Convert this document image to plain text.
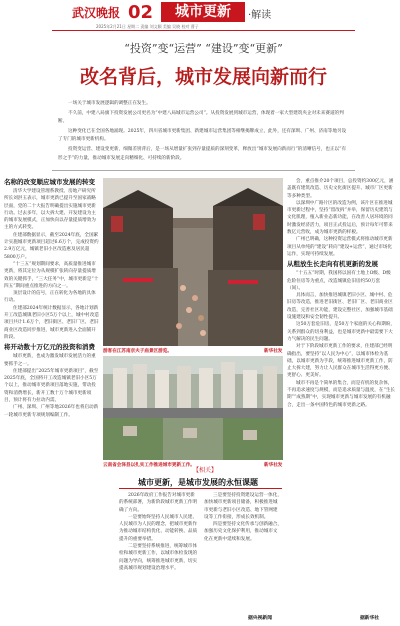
武汉晚报 02	城市更新	·解读
2025年2月21日 星期二 责编 刘文颖 美编 吴晓 校对 曹子
“投资”变“运营” “建设”变“更新”
改名背后，城市发展向新而行

一场关于城市发展逻辑的调整正在发生。

不久前，中建八局旗下投资发展公司更名为“中建八局城市运营公司”。从投资发展到城市运营，体现着一家大型建筑央企对未来赛道的判断。

这种变化已在全国各地涌现。2025年，四川省城市更新集团、新建城市运营集团等相继揭牌成立，此外，还有深圳、广州、济南等地另设了专门的城市更新机构。

投资变运营、建设变更新，细微差别背后，是一场从增量扩张到存量提质的深刻变革，释放出“城市发展向新而行”的清晰信号，也正以“有形之手”的力量，推动城市发展走向精细化、可持续的新阶段。

名称的改变顺应城市发展的转变

清华大学建设管理系教授、房地产研究所所长刘洪玉表示，城市更新已提升至国家战略层面，党的二十大报告明确提出实施城市更新行动。过去多年，以大拆大建、开发建设为主的城市发展模式，正加快向以存量提质增效为主的方式转变。

住建部数据显示，截至2024年底，全国累计实施城市更新项目超过6.6万个，完成投资约2.9万亿元，城镇老旧小区改造惠及居民超5800万户。

“十三五”规划期间要求，高质量推进城市更新，将其定位为从规模扩张转向存量提质增效的关键抓手，“三大任务”中，城市更新是“十四五”期间重点推进的方向之一。

顶层设计的信号，正在转化为各地的具体行动。

住建部2024年统计数据显示，各地计划新开工改造城镇老旧小区5万个以上，城中村改造项目共计1.6万个，老旧街区、老旧厂区、老旧商业区改造同步推进，城市更新进入全面铺开阶段。

将开动数十万亿元的投资和消费

城市更新，也成为激发城市发展活力的重要抓手之一。

住建部提出“2025年城市更新项目”，截至2025年底，全国将开工改造城镇老旧小区5万个以上，推动城市更新项目落地实施，带动投资和消费增长，新开工数十万个城市更新项目，预计将有力拉动内需。

广州、深圳、广州等地2026年也将启动新一轮城市更新专项规划编制工作。

游客在江苏南京夫子庙景区游览。	新华社发
云南省会泽县以扎实工作推进城市更新工作。	新华社发

会，重点推介20个项目，总投资约300亿元，涵盖既有建筑改造、历史文化街区提升、城市厂区更新等多种类型。

以深圳中广路片区的改造为例，该片区在推进城市更新过程中，坚持“留改拆”并举，保留历史建筑与文化肌理，植入新业态新功能，在改善人居环境的同时激发经济活力，项目正式投运后，预计每年可带来数亿元营收，成为城市更新的样板。

广州已明确，这种投资运营模式将推动城市更新项目从单纯的“建设”转向“建设+运营”，通过市场化运作，实现可持续发展。

从粗放生长走向有机更新的发展

“十五五”时期，我国将以国有土地上O级、D级危险住房等为重点，改造城镇危旧房约50万套（间）。

具体而言，加快推进城镇老旧小区、城中村、危旧房等改造，推进老旧街区、老旧厂区、老旧商业区改造，完善社区功能，建设完整社区，加强城市基础设施建设和安全韧性提升。

这50万套危旧房，是50万个家庭的关心和期盼，关系到群众的切身利益，也是城市更新中最需要下大力气解决的民生问题。

对于下阶段城市更新工作的要求，住建部已经明确指出，要坚持“以人民为中心”，以城市体检为基础，以城市更新为手段，统筹推进城市更新工作，防止大拆大建，努力让人民群众在城市生活得更方便、更舒心、更美好。

城市不再是个简单的集合，而是有机的复杂体，不再追求速度与规模，而是追求质量与温度，在“生长期”“成熟期”中，实现城市更新与城市发展的有机融合，走出一条中国特色的城市更新之路。

【相关】
城市更新，是城市发展的永恒课题

2026年政府工作报告对城市更新的系统部署，为新阶段城市更新工作明确了方向。

一是要始终坚持人民城市人民建、人民城市为人民的理念，把城市更新作为推动城市结构优化、动能转换、品质提升的重要举措。

二是要坚持系统推进，统筹城市体检和城市更新工作，以城市体检发现的问题为导向，统筹推进城市更新，切实提高城市规划建设治理水平。

三是要坚持投资建设运营一体化，加快城市更新项目储备，积极推进城市更新与老旧小区改造、地下管网建设等工作衔接，形成长效机制。

四是要坚持文化传承与创新融合，加强历史文化保护利用，推动城市文化在更新中延续和发展。

据央视新闻	据新华社
